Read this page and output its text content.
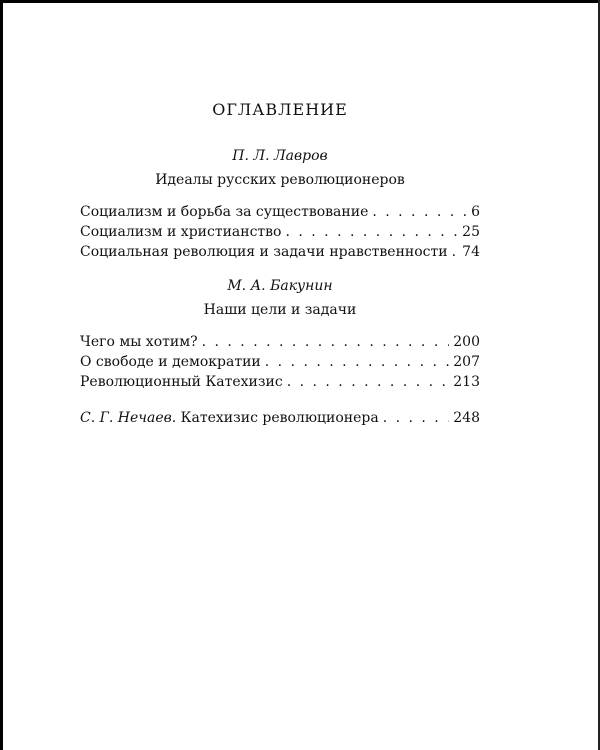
ОГЛАВЛЕНИЕ

П. Л. Лавров

Идеалы русских революционеров

Социализм и борьба за существование . . .	6
Социализм и христианство . . .	25
Социальная революция и задачи нравственности . . . 74

М. А. Бакунин

Наши цели и задачи

Чего мы хотим? . . .	200
О свободе и демократии . . .	207
Революционный Катехизис . . .	213
С. Г. Нечаев. Катехизис революционера . . .	248
